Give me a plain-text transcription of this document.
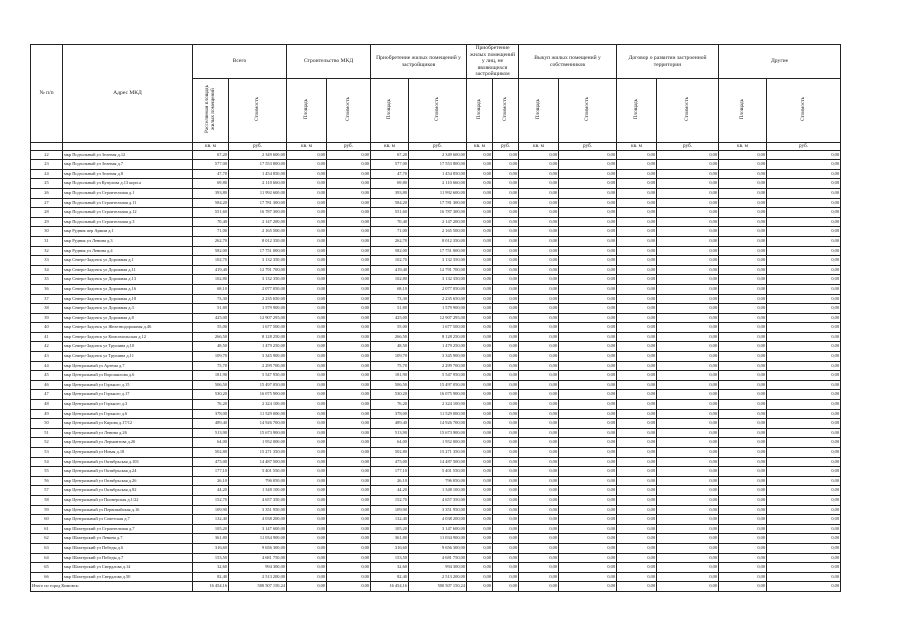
№ п/п	Адрес МКД	Всего		Строительство МКД		Приобретение жилых помещений у застройщиков		Приобретение жилых помещений у лиц, не являющихся застройщиком		Выкуп жилых помещений у собственников		Договор о развитии застроенной территории		Другие	
		Расселяемая площадь жилых помещений	Стоимость	Площадь	Стоимость	Площадь	Стоимость	Площадь	Стоимость	Площадь	Стоимость	Площадь	Стоимость	Площадь	Стоимость
		кв. м	руб.	кв. м	руб.	кв. м	руб.	кв. м	руб.	кв. м	руб.	кв. м	руб.	кв. м	руб.
22	мкр Подзольный ул Зеленая д.12	67,20	2 349 600,00	0,00	0,00	67,20	2 349 600,00	0,00	0,00	0,00	0,00	0,00	0,00	0,00	0,00
23	мкр Подзольный ул Зеленая д.7	577,00	17 553 800,00	0,00	0,00	577,00	17 553 800,00	0,00	0,00	0,00	0,00	0,00	0,00	0,00	0,00
24	мкр Подзольный ул Зеленая д.8	47,70	1 454 850,00	0,00	0,00	47,70	1 454 850,00	0,00	0,00	0,00	0,00	0,00	0,00	0,00	0,00
25	мкр Подзольный ул Купулова д.13 корп.а	69,80	2 110 660,00	0,00	0,00	69,80	2 110 660,00	0,00	0,00	0,00	0,00	0,00	0,00	0,00	0,00
26	мкр Подзольный ул Строительная д.1	393,80	11 992 600,00	0,00	0,00	393,80	11 992 600,00	0,00	0,00	0,00	0,00	0,00	0,00	0,00	0,00
27	мкр Подзольный ул Строительная д.11	584,20	17 781 300,00	0,00	0,00	584,20	17 781 300,00	0,00	0,00	0,00	0,00	0,00	0,00	0,00	0,00
28	мкр Подзольный ул Строительная д.12	551,60	16 787 300,00	0,00	0,00	551,60	16 787 300,00	0,00	0,00	0,00	0,00	0,00	0,00	0,00	0,00
29	мкр Подзольный ул Строительная д.3	70,40	2 147 200,00	0,00	0,00	70,40	2 147 200,00	0,00	0,00	0,00	0,00	0,00	0,00	0,00	0,00
30	мкр Рудник пер Армии д.1	71,00	2 165 500,00	0,00	0,00	71,00	2 165 500,00	0,00	0,00	0,00	0,00	0,00	0,00	0,00	0,00
31	мкр Рудник ул Ленина д.3	262,70	8 012 350,00	0,00	0,00	262,70	8 012 350,00	0,00	0,00	0,00	0,00	0,00	0,00	0,00	0,00
32	мкр Рудник ул Ленина д.4	582,00	17 751 000,00	0,00	0,00	582,00	17 751 000,00	0,00	0,00	0,00	0,00	0,00	0,00	0,00	0,00
33	мкр Северо-Задонск ул Дорожная д.1	102,70	3 132 350,00	0,00	0,00	102,70	3 132 350,00	0,00	0,00	0,00	0,00	0,00	0,00	0,00	0,00
34	мкр Северо-Задонск ул Дорожная д.11	419,40	12 791 700,00	0,00	0,00	419,40	12 791 700,00	0,00	0,00	0,00	0,00	0,00	0,00	0,00	0,00
35	мкр Северо-Задонск ул Дорожная д.13	102,80	3 132 350,00	0,00	0,00	102,80	3 132 350,00	0,00	0,00	0,00	0,00	0,00	0,00	0,00	0,00
36	мкр Северо-Задонск ул Дорожная д.16	68,10	2 077 050,00	0,00	0,00	68,10	2 077 050,00	0,00	0,00	0,00	0,00	0,00	0,00	0,00	0,00
37	мкр Северо-Задонск ул Дорожная д.18	73,30	2 235 650,00	0,00	0,00	73,30	2 235 650,00	0,00	0,00	0,00	0,00	0,00	0,00	0,00	0,00
38	мкр Северо-Задонск ул Дорожная д.3	51,80	1 579 900,00	0,00	0,00	51,80	1 579 900,00	0,00	0,00	0,00	0,00	0,00	0,00	0,00	0,00
39	мкр Северо-Задонск ул Дорожная д.8	425,00	12 907 295,00	0,00	0,00	425,00	12 907 295,00	0,00	0,00	0,00	0,00	0,00	0,00	0,00	0,00
40	мкр Северо-Задонск ул Железнодорожная д.46	55,00	1 677 500,00	0,00	0,00	55,00	1 677 500,00	0,00	0,00	0,00	0,00	0,00	0,00	0,00	0,00
41	мкр Северо-Задонск ул Комсомольская д.12	266,50	8 128 250,00	0,00	0,00	266,50	8 128 250,00	0,00	0,00	0,00	0,00	0,00	0,00	0,00	0,00
42	мкр Северо-Задонск ул Трушина д.10	48,50	1 479 250,00	0,00	0,00	48,50	1 479 250,00	0,00	0,00	0,00	0,00	0,00	0,00	0,00	0,00
43	мкр Северо-Задонск ул Трушина д.11	109,70	3 345 900,00	0,00	0,00	109,70	3 345 900,00	0,00	0,00	0,00	0,00	0,00	0,00	0,00	0,00
44	мкр Центральный ул Артема д.7	75,70	2 299 700,00	0,00	0,00	75,70	2 299 700,00	0,00	0,00	0,00	0,00	0,00	0,00	0,00	0,00
45	мкр Центральный ул Ворошилова д.6	181,90	5 547 950,00	0,00	0,00	181,90	5 547 950,00	0,00	0,00	0,00	0,00	0,00	0,00	0,00	0,00
46	мкр Центральный ул Горького д.15	506,50	15 497 050,00	0,00	0,00	506,50	15 497 050,00	0,00	0,00	0,00	0,00	0,00	0,00	0,00	0,00
47	мкр Центральный ул Горького д.17	530,20	16 075 900,00	0,00	0,00	530,20	16 075 900,00	0,00	0,00	0,00	0,00	0,00	0,00	0,00	0,00
48	мкр Центральный ул Горького д.3	76,20	2 324 100,00	0,00	0,00	76,20	2 324 100,00	0,00	0,00	0,00	0,00	0,00	0,00	0,00	0,00
49	мкр Центральный ул Горького д.6	378,00	11 529 000,00	0,00	0,00	378,00	11 529 000,00	0,00	0,00	0,00	0,00	0,00	0,00	0,00	0,00
50	мкр Центральный ул Кирова д.17/12	489,40	14 926 700,00	0,00	0,00	489,40	14 926 700,00	0,00	0,00	0,00	0,00	0,00	0,00	0,00	0,00
51	мкр Центральный ул Ленина д.26	513,90	15 673 900,00	0,00	0,00	513,90	15 673 900,00	0,00	0,00	0,00	0,00	0,00	0,00	0,00	0,00
52	мкр Центральный ул Лермонтова д.26	64,00	1 952 000,00	0,00	0,00	64,00	1 952 000,00	0,00	0,00	0,00	0,00	0,00	0,00	0,00	0,00
53	мкр Центральный ул Новая д.18	502,80	15 271 350,00	0,00	0,00	502,80	15 271 350,00	0,00	0,00	0,00	0,00	0,00	0,00	0,00	0,00
54	мкр Центральный ул Октябрьская д.103	475,00	14 487 500,00	0,00	0,00	475,00	14 487 500,00	0,00	0,00	0,00	0,00	0,00	0,00	0,00	0,00
55	мкр Центральный ул Октябрьская д.24	177,10	5 401 550,00	0,00	0,00	177,10	5 401 550,00	0,00	0,00	0,00	0,00	0,00	0,00	0,00	0,00
56	мкр Центральный ул Октябрьская д.26	26,10	796 050,00	0,00	0,00	26,10	796 050,00	0,00	0,00	0,00	0,00	0,00	0,00	0,00	0,00
57	мкр Центральный ул Октябрьская д.92	44,20	1 348 100,00	0,00	0,00	44,20	1 348 100,00	0,00	0,00	0,00	0,00	0,00	0,00	0,00	0,00
58	мкр Центральный ул Пионерская д.1/22	152,70	4 657 350,00	0,00	0,00	152,70	4 657 350,00	0,00	0,00	0,00	0,00	0,00	0,00	0,00	0,00
59	мкр Центральный ул Первомайская д.16	109,90	3 351 950,00	0,00	0,00	109,90	3 351 950,00	0,00	0,00	0,00	0,00	0,00	0,00	0,00	0,00
60	мкр Центральный ул Советская д.7	132,40	4 038 200,00	0,00	0,00	132,40	4 038 200,00	0,00	0,00	0,00	0,00	0,00	0,00	0,00	0,00
61	мкр Шахтерский ул Строительная д.7	105,20	3 147 600,00	0,00	0,00	105,20	3 147 600,00	0,00	0,00	0,00	0,00	0,00	0,00	0,00	0,00
62	мкр Шахтерский ул Ленина д.7	361,80	11 034 900,00	0,00	0,00	361,80	11 034 900,00	0,00	0,00	0,00	0,00	0,00	0,00	0,00	0,00
63	мкр Шахтерский ул Победы д.6	316,60	9 656 300,00	0,00	0,00	316,60	9 656 300,00	0,00	0,00	0,00	0,00	0,00	0,00	0,00	0,00
64	мкр Шахтерский ул Победы д.7	153,50	4 681 750,00	0,00	0,00	153,50	4 681 750,00	0,00	0,00	0,00	0,00	0,00	0,00	0,00	0,00
65	мкр Шахтерский ул Свердлова д.14	32,60	994 300,00	0,00	0,00	32,60	994 300,00	0,00	0,00	0,00	0,00	0,00	0,00	0,00	0,00
66	мкр Шахтерский ул Свердлова д.50	82,40	2 513 200,00	0,00	0,00	82,40	2 513 200,00	0,00	0,00	0,00	0,00	0,00	0,00	0,00	0,00
Итого по город Кимовск:		16 454,16	500 507 150,24	0,00	0,00	16 454,16	500 507 150,24	0,00	0,00	0,00	0,00	0,00	0,00	0,00	0,00
